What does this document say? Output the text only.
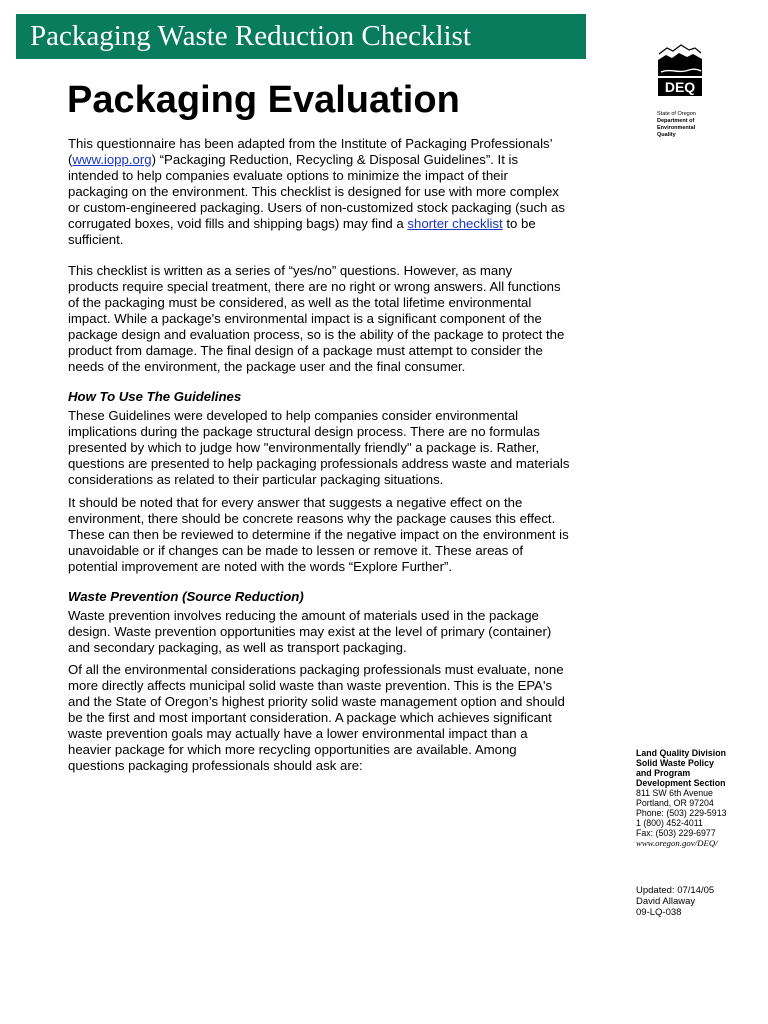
Packaging Waste Reduction Checklist
Packaging Evaluation
This questionnaire has been adapted from the Institute of Packaging Professionals’
(www.iopp.org) “Packaging Reduction, Recycling & Disposal Guidelines”. It is
intended to help companies evaluate options to minimize the impact of their
packaging on the environment. This checklist is designed for use with more complex
or custom-engineered packaging. Users of non-customized stock packaging (such as
corrugated boxes, void fills and shipping bags) may find a shorter checklist to be
sufficient.
This checklist is written as a series of “yes/no” questions. However, as many
products require special treatment, there are no right or wrong answers. All functions
of the packaging must be considered, as well as the total lifetime environmental
impact. While a package's environmental impact is a significant component of the
package design and evaluation process, so is the ability of the package to protect the
product from damage. The final design of a package must attempt to consider the
needs of the environment, the package user and the final consumer.
How To Use The Guidelines
These Guidelines were developed to help companies consider environmental
implications during the package structural design process. There are no formulas
presented by which to judge how "environmentally friendly" a package is. Rather,
questions are presented to help packaging professionals address waste and materials
considerations as related to their particular packaging situations.
It should be noted that for every answer that suggests a negative effect on the
environment, there should be concrete reasons why the package causes this effect.
These can then be reviewed to determine if the negative impact on the environment is
unavoidable or if changes can be made to lessen or remove it. These areas of
potential improvement are noted with the words “Explore Further”.
Waste Prevention (Source Reduction)
Waste prevention involves reducing the amount of materials used in the package
design. Waste prevention opportunities may exist at the level of primary (container)
and secondary packaging, as well as transport packaging.
Of all the environmental considerations packaging professionals must evaluate, none
more directly affects municipal solid waste than waste prevention. This is the EPA's
and the State of Oregon’s highest priority solid waste management option and should
be the first and most important consideration. A package which achieves significant
waste prevention goals may actually have a lower environmental impact than a
heavier package for which more recycling opportunities are available. Among
questions packaging professionals should ask are:
DEQ
State of Oregon
Department of
Environmental
Quality
Land Quality Division
Solid Waste Policy
and Program
Development Section
811 SW 6th Avenue
Portland, OR 97204
Phone: (503) 229-5913
1 (800) 452-4011
Fax: (503) 229-6977
www.oregon.gov/DEQ/
Updated: 07/14/05
David Allaway
09-LQ-038
